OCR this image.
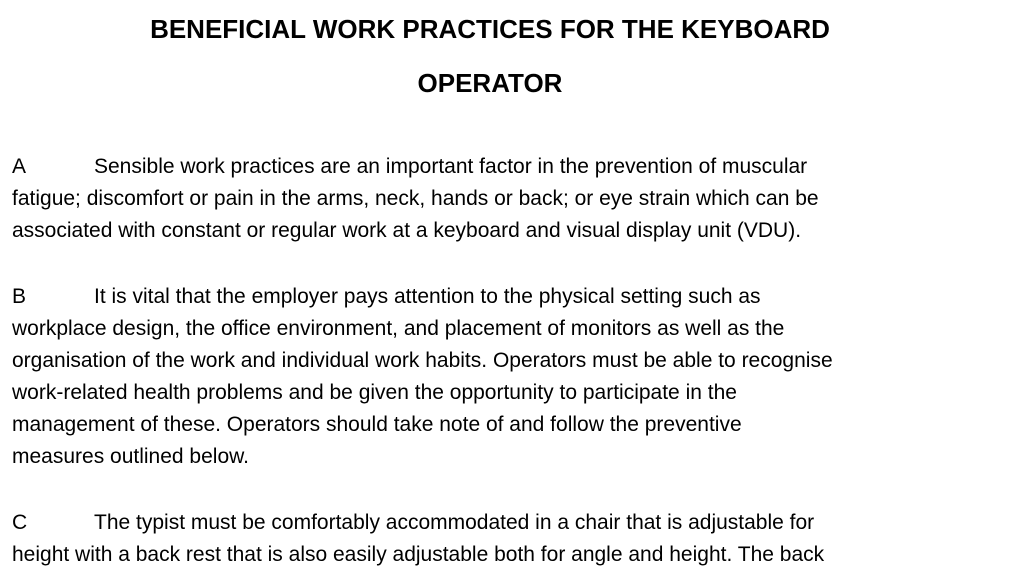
BENEFICIAL WORK PRACTICES FOR THE KEYBOARD
OPERATOR
A	Sensible work practices are an important factor in the prevention of muscular
fatigue; discomfort or pain in the arms, neck, hands or back; or eye strain which can be
associated with constant or regular work at a keyboard and visual display unit (VDU).
B	It is vital that the employer pays attention to the physical setting such as
workplace design, the office environment, and placement of monitors as well as the
organisation of the work and individual work habits. Operators must be able to recognise
work-related health problems and be given the opportunity to participate in the
management of these. Operators should take note of and follow the preventive
measures outlined below.
C	The typist must be comfortably accommodated in a chair that is adjustable for
height with a back rest that is also easily adjustable both for angle and height. The back
